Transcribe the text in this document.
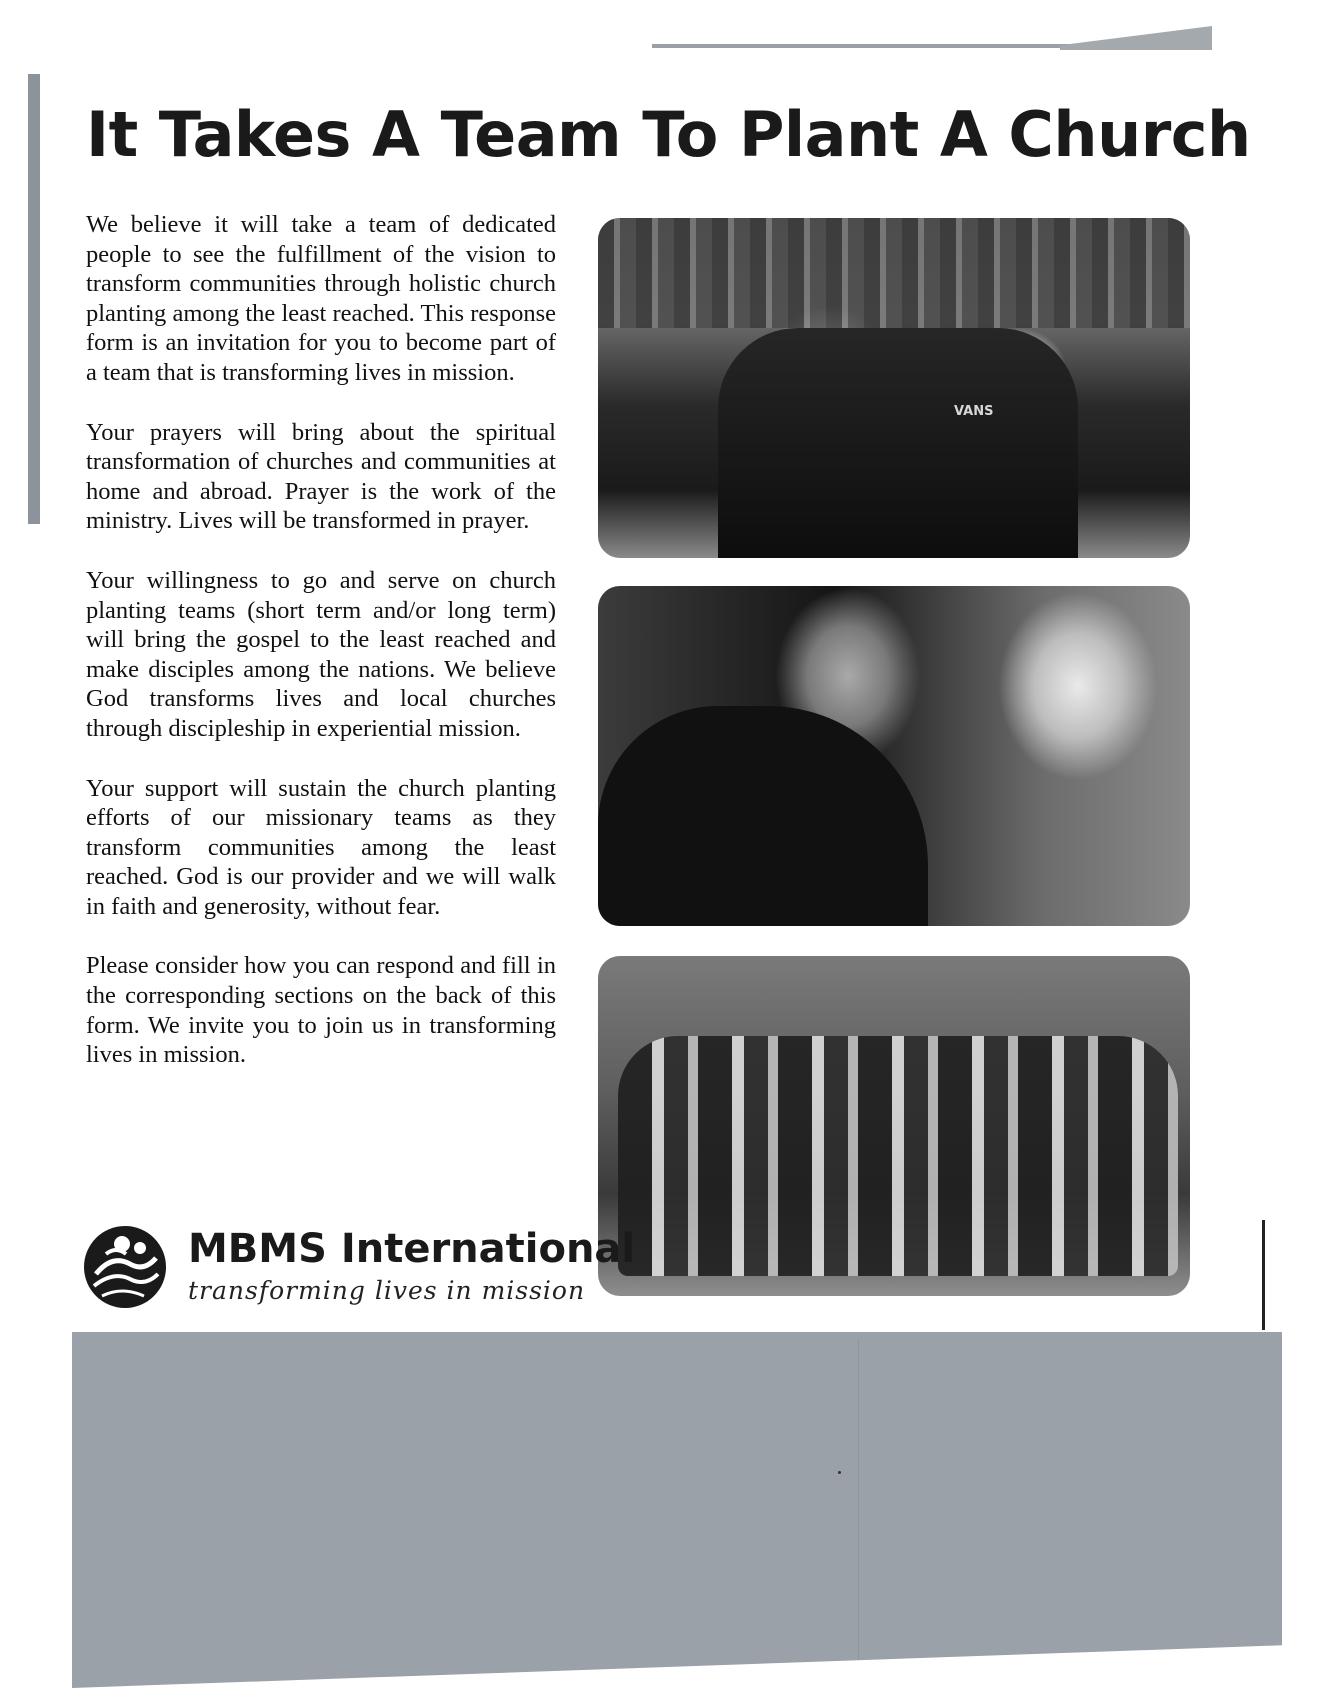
It Takes A Team To Plant A Church

We believe it will take a team of dedicated people to see the fulfillment of the vision to transform communities through holistic church planting among the least reached. This response form is an invitation for you to become part of a team that is transforming lives in mission.

Your prayers will bring about the spiritual transformation of churches and communities at home and abroad. Prayer is the work of the ministry. Lives will be transformed in prayer.

Your willingness to go and serve on church planting teams (short term and/or long term) will bring the gospel to the least reached and make disciples among the nations. We believe God transforms lives and local churches through discipleship in experiential mission.

Your support will sustain the church planting efforts of our missionary teams as they transform communities among the least reached. God is our provider and we will walk in faith and generosity, without fear.

Please consider how you can respond and fill in the corresponding sections on the back of this form. We invite you to join us in transforming lives in mission.

VANS
MBMS International
transforming lives in mission
